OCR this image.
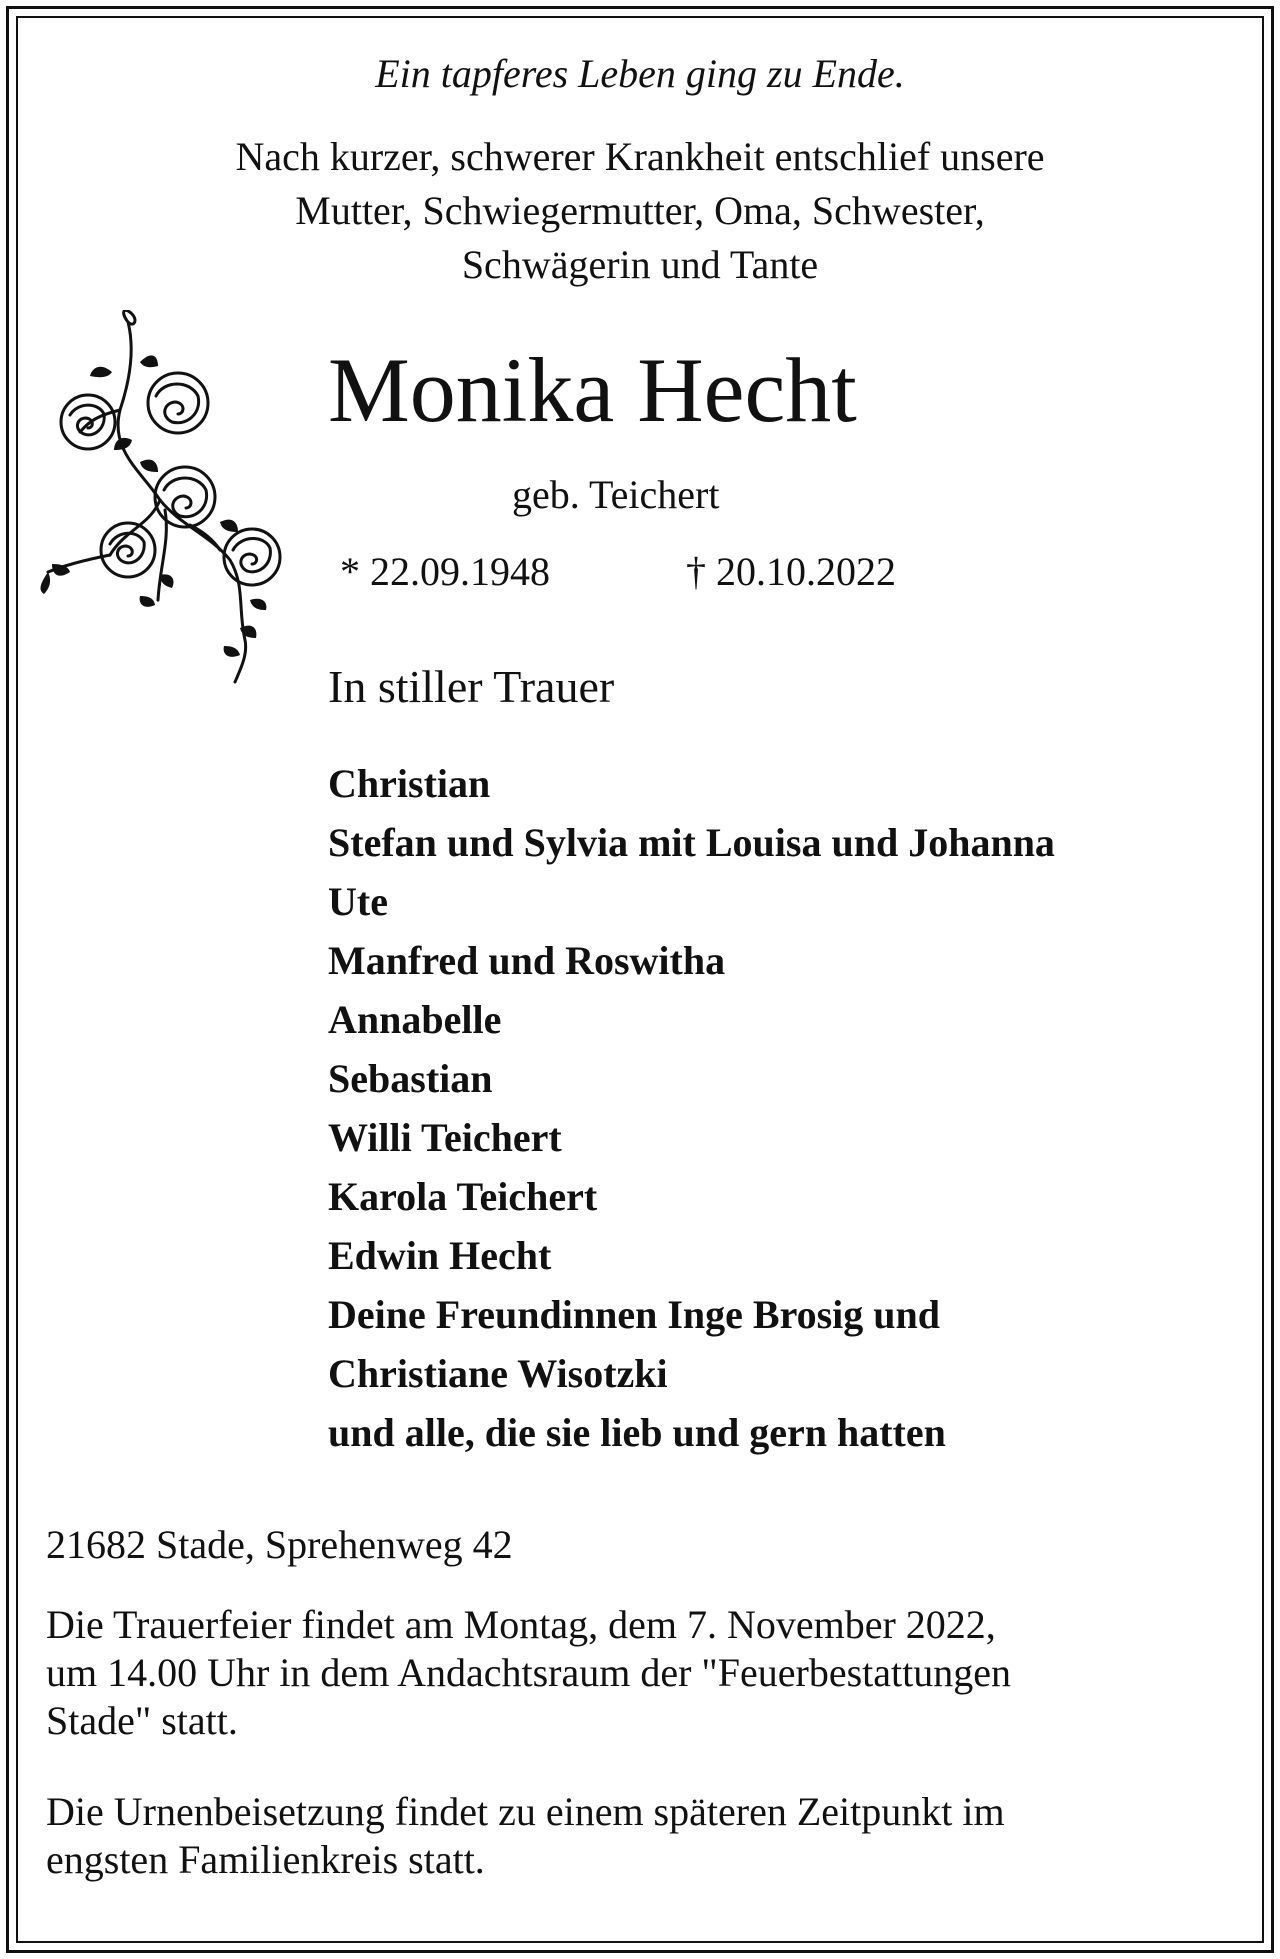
Ein tapferes Leben ging zu Ende.
Nach kurzer, schwerer Krankheit entschlief unsere
Mutter, Schwiegermutter, Oma, Schwester,
Schwägerin und Tante
Monika Hecht
geb. Teichert
* 22.09.1948	† 20.10.2022
In stiller Trauer
Christian
Stefan und Sylvia mit Louisa und Johanna
Ute
Manfred und Roswitha
Annabelle
Sebastian
Willi Teichert
Karola Teichert
Edwin Hecht
Deine Freundinnen Inge Brosig und
Christiane Wisotzki
und alle, die sie lieb und gern hatten
21682 Stade, Sprehenweg 42
Die Trauerfeier findet am Montag, dem 7. November 2022,
um 14.00 Uhr in dem Andachtsraum der "Feuerbestattungen
Stade" statt.
Die Urnenbeisetzung findet zu einem späteren Zeitpunkt im
engsten Familienkreis statt.
